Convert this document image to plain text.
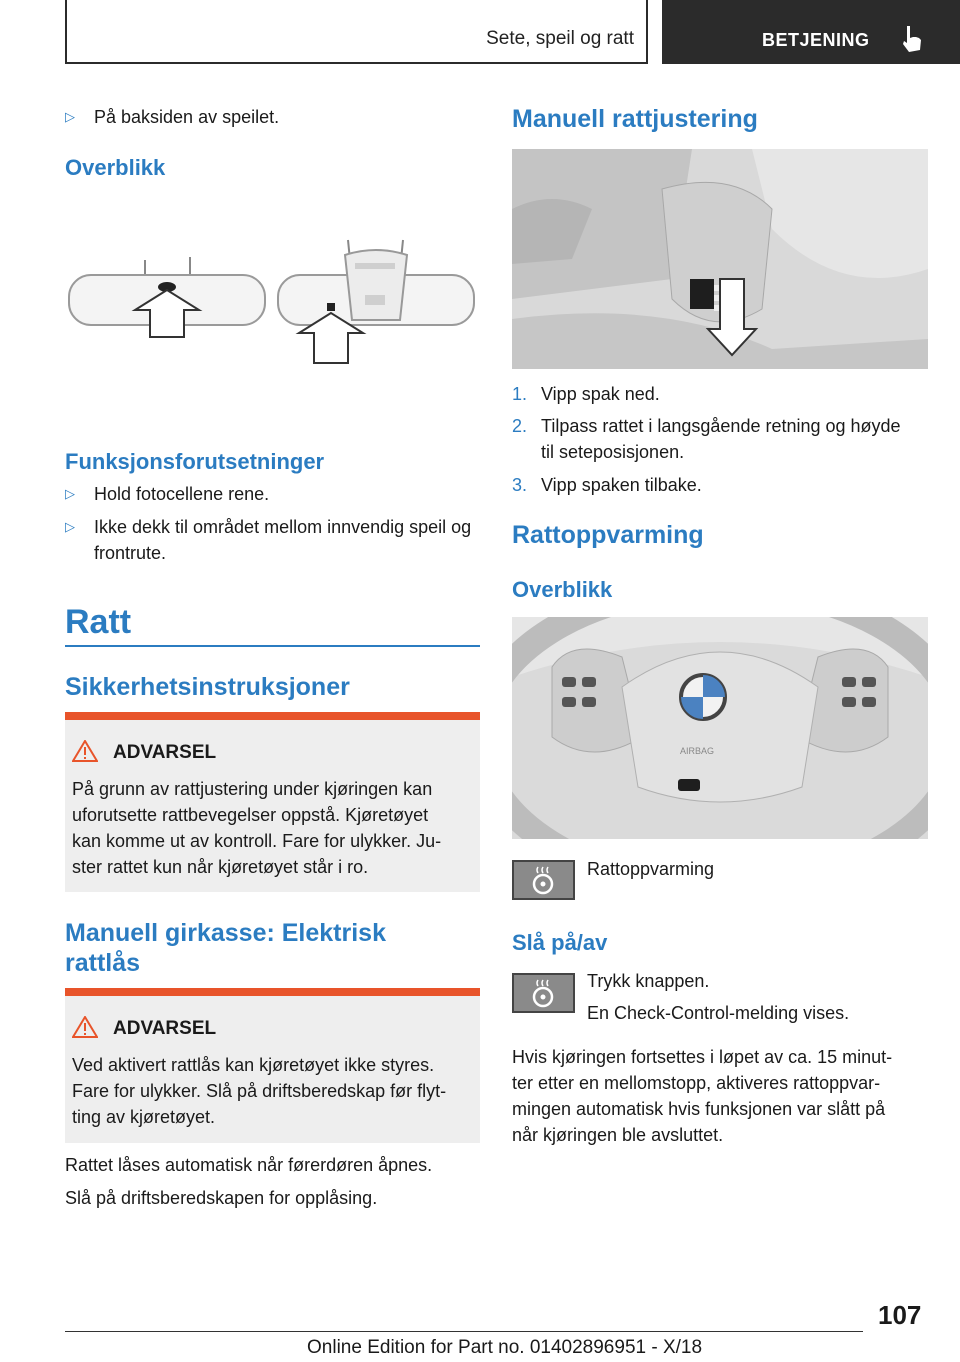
Sete, speil og ratt	BETJENING
▷	På baksiden av speilet.
Overblikk
Funksjonsforutsetninger
▷	Hold fotocellene rene.
▷	Ikke dekk til området mellom innvendig speil og frontrute.
Ratt
Sikkerhetsinstruksjoner
ADVARSEL
På grunn av rattjustering under kjøringen kan
uforutsette rattbevegelser oppstå. Kjøretøyet
kan komme ut av kontroll. Fare for ulykker. Ju-
ster rattet kun når kjøretøyet står i ro.
Manuell girkasse: Elektrisk
rattlås
ADVARSEL
Ved aktivert rattlås kan kjøretøyet ikke styres.
Fare for ulykker. Slå på driftsberedskap før flyt-
ting av kjøretøyet.
Rattet låses automatisk når førerdøren åpnes.
Slå på driftsberedskapen for opplåsing.
Manuell rattjustering
1. Vipp spak ned.
2. Tilpass rattet i langsgående retning og høyde
til seteposisjonen.
3. Vipp spaken tilbake.
Rattoppvarming
Overblikk
AIRBAG
Rattoppvarming
Slå på/av
Trykk knappen.
En Check-Control-melding vises.
Hvis kjøringen fortsettes i løpet av ca. 15 minut-
ter etter en mellomstopp, aktiveres rattoppvar-
mingen automatisk hvis funksjonen var slått på
når kjøringen ble avsluttet.
107
Online Edition for Part no. 01402896951 - X/18
